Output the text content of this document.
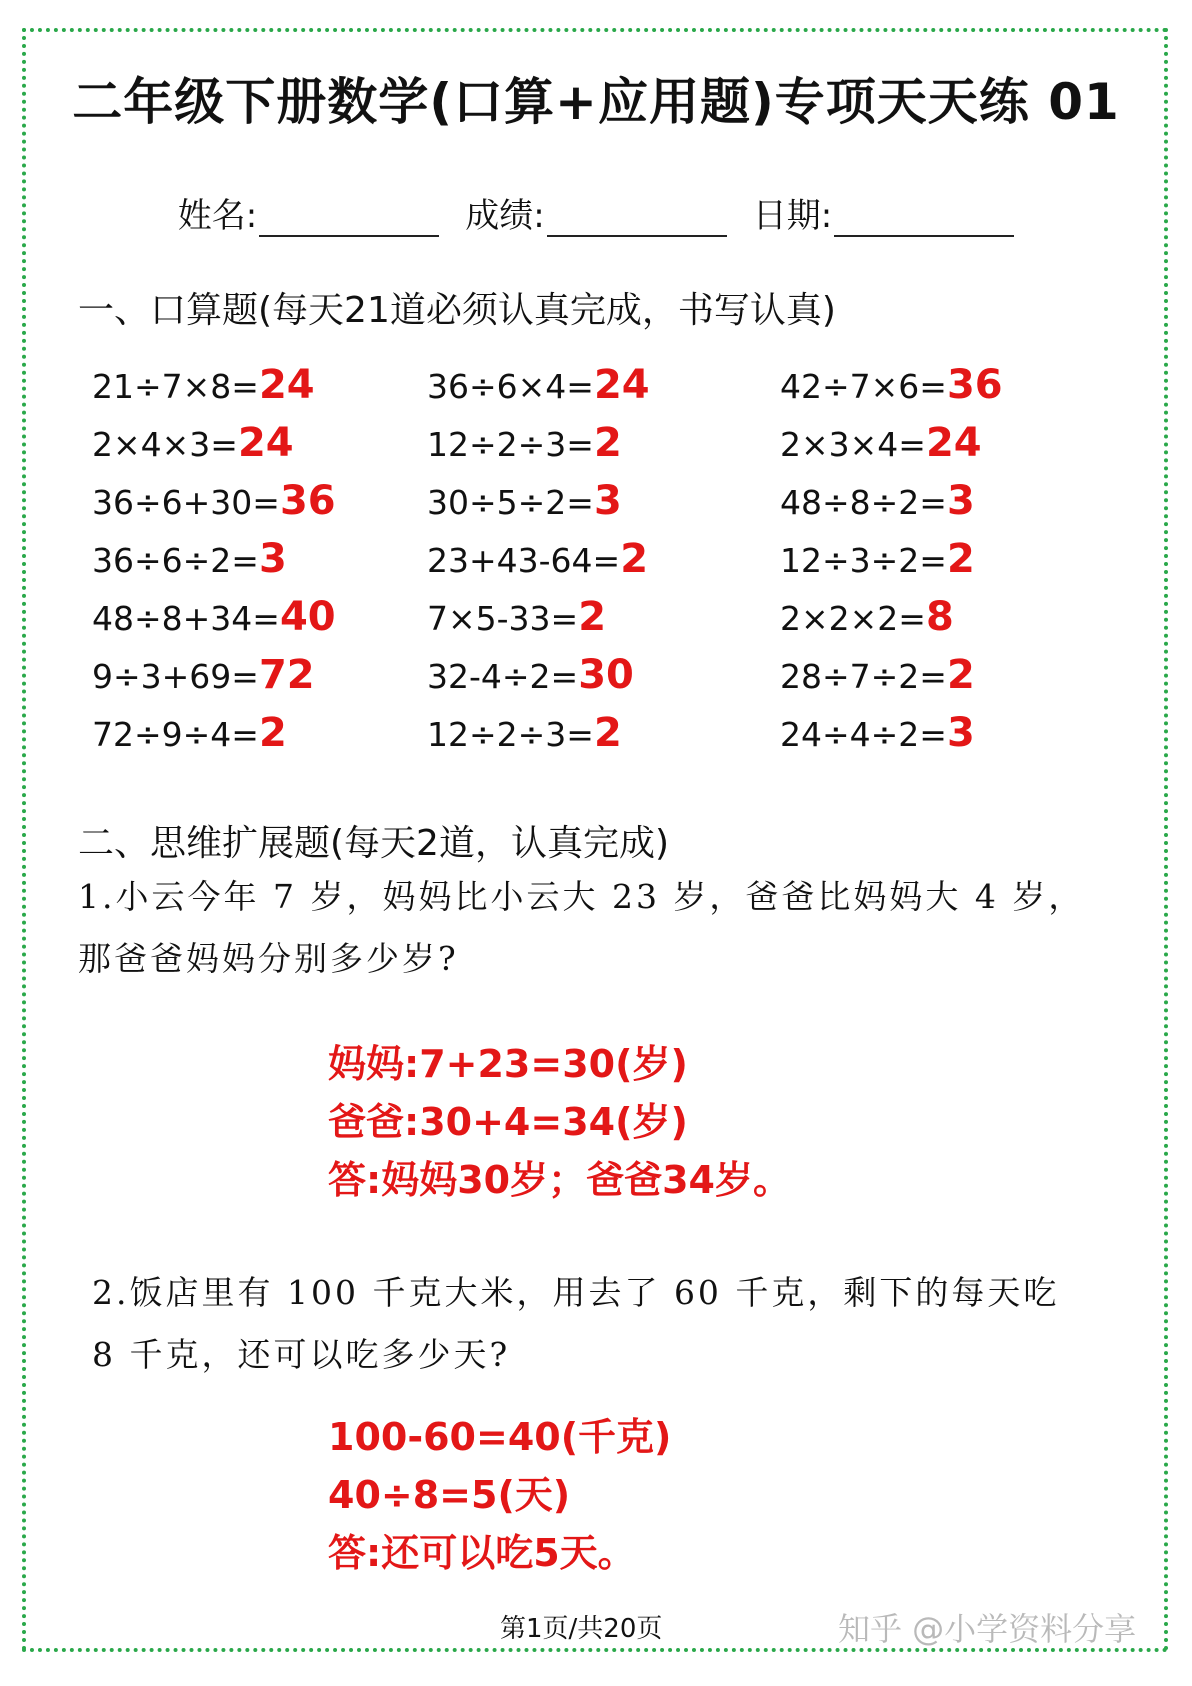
二年级下册数学(口算+应用题)专项天天练 01
姓名:	成绩:	日期:
一、口算题(每天21道必须认真完成，书写认真)
21÷7×8=24	36÷6×4=24	42÷7×6=36
2×4×3=24	12÷2÷3=2	2×3×4=24
36÷6+30=36	30÷5÷2=3	48÷8÷2=3
36÷6÷2=3	23+43-64=2	12÷3÷2=2
48÷8+34=40	7×5-33=2	2×2×2=8
9÷3+69=72	32-4÷2=30	28÷7÷2=2
72÷9÷4=2	12÷2÷3=2	24÷4÷2=3
二、思维扩展题(每天2道，认真完成)
1.小云今年 7 岁，妈妈比小云大 23 岁，爸爸比妈妈大 4 岁，
那爸爸妈妈分别多少岁?
妈妈:7+23=30(岁)
爸爸:30+4=34(岁)
答:妈妈30岁；爸爸34岁。
2.饭店里有 100 千克大米，用去了 60 千克，剩下的每天吃
8 千克，还可以吃多少天?
100-60=40(千克)
40÷8=5(天)
答:还可以吃5天。
第1页/共20页	知乎 @小学资料分享
